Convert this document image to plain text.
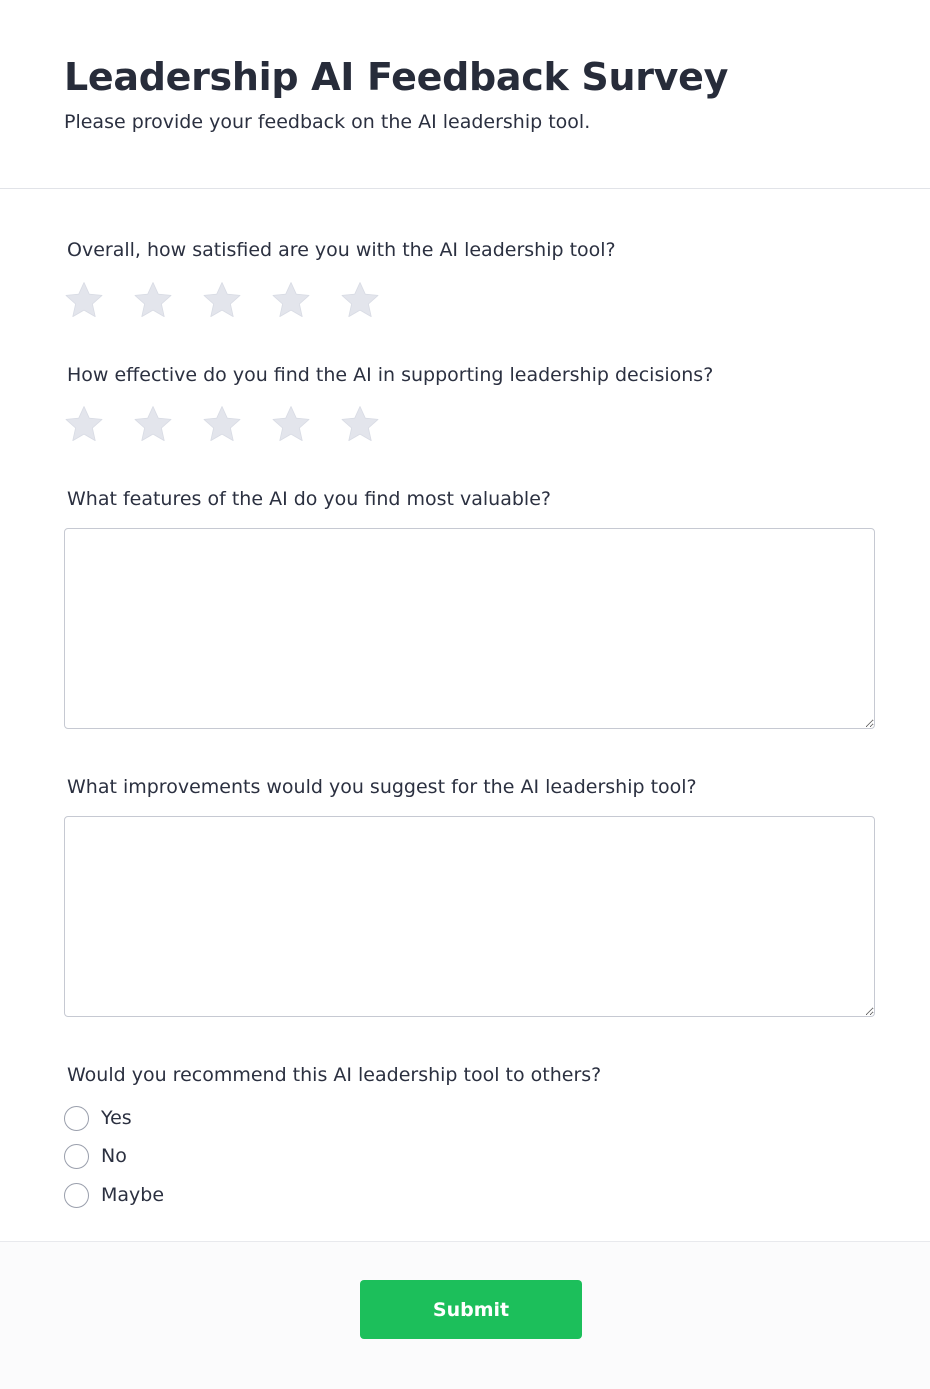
Leadership AI Feedback Survey

Please provide your feedback on the AI leadership tool.

Overall, how satisfied are you with the AI leadership tool?
How effective do you find the AI in supporting leadership decisions?
What features of the AI do you find most valuable?
What improvements would you suggest for the AI leadership tool?
Would you recommend this AI leadership tool to others?
Yes
No
Maybe
Submit
